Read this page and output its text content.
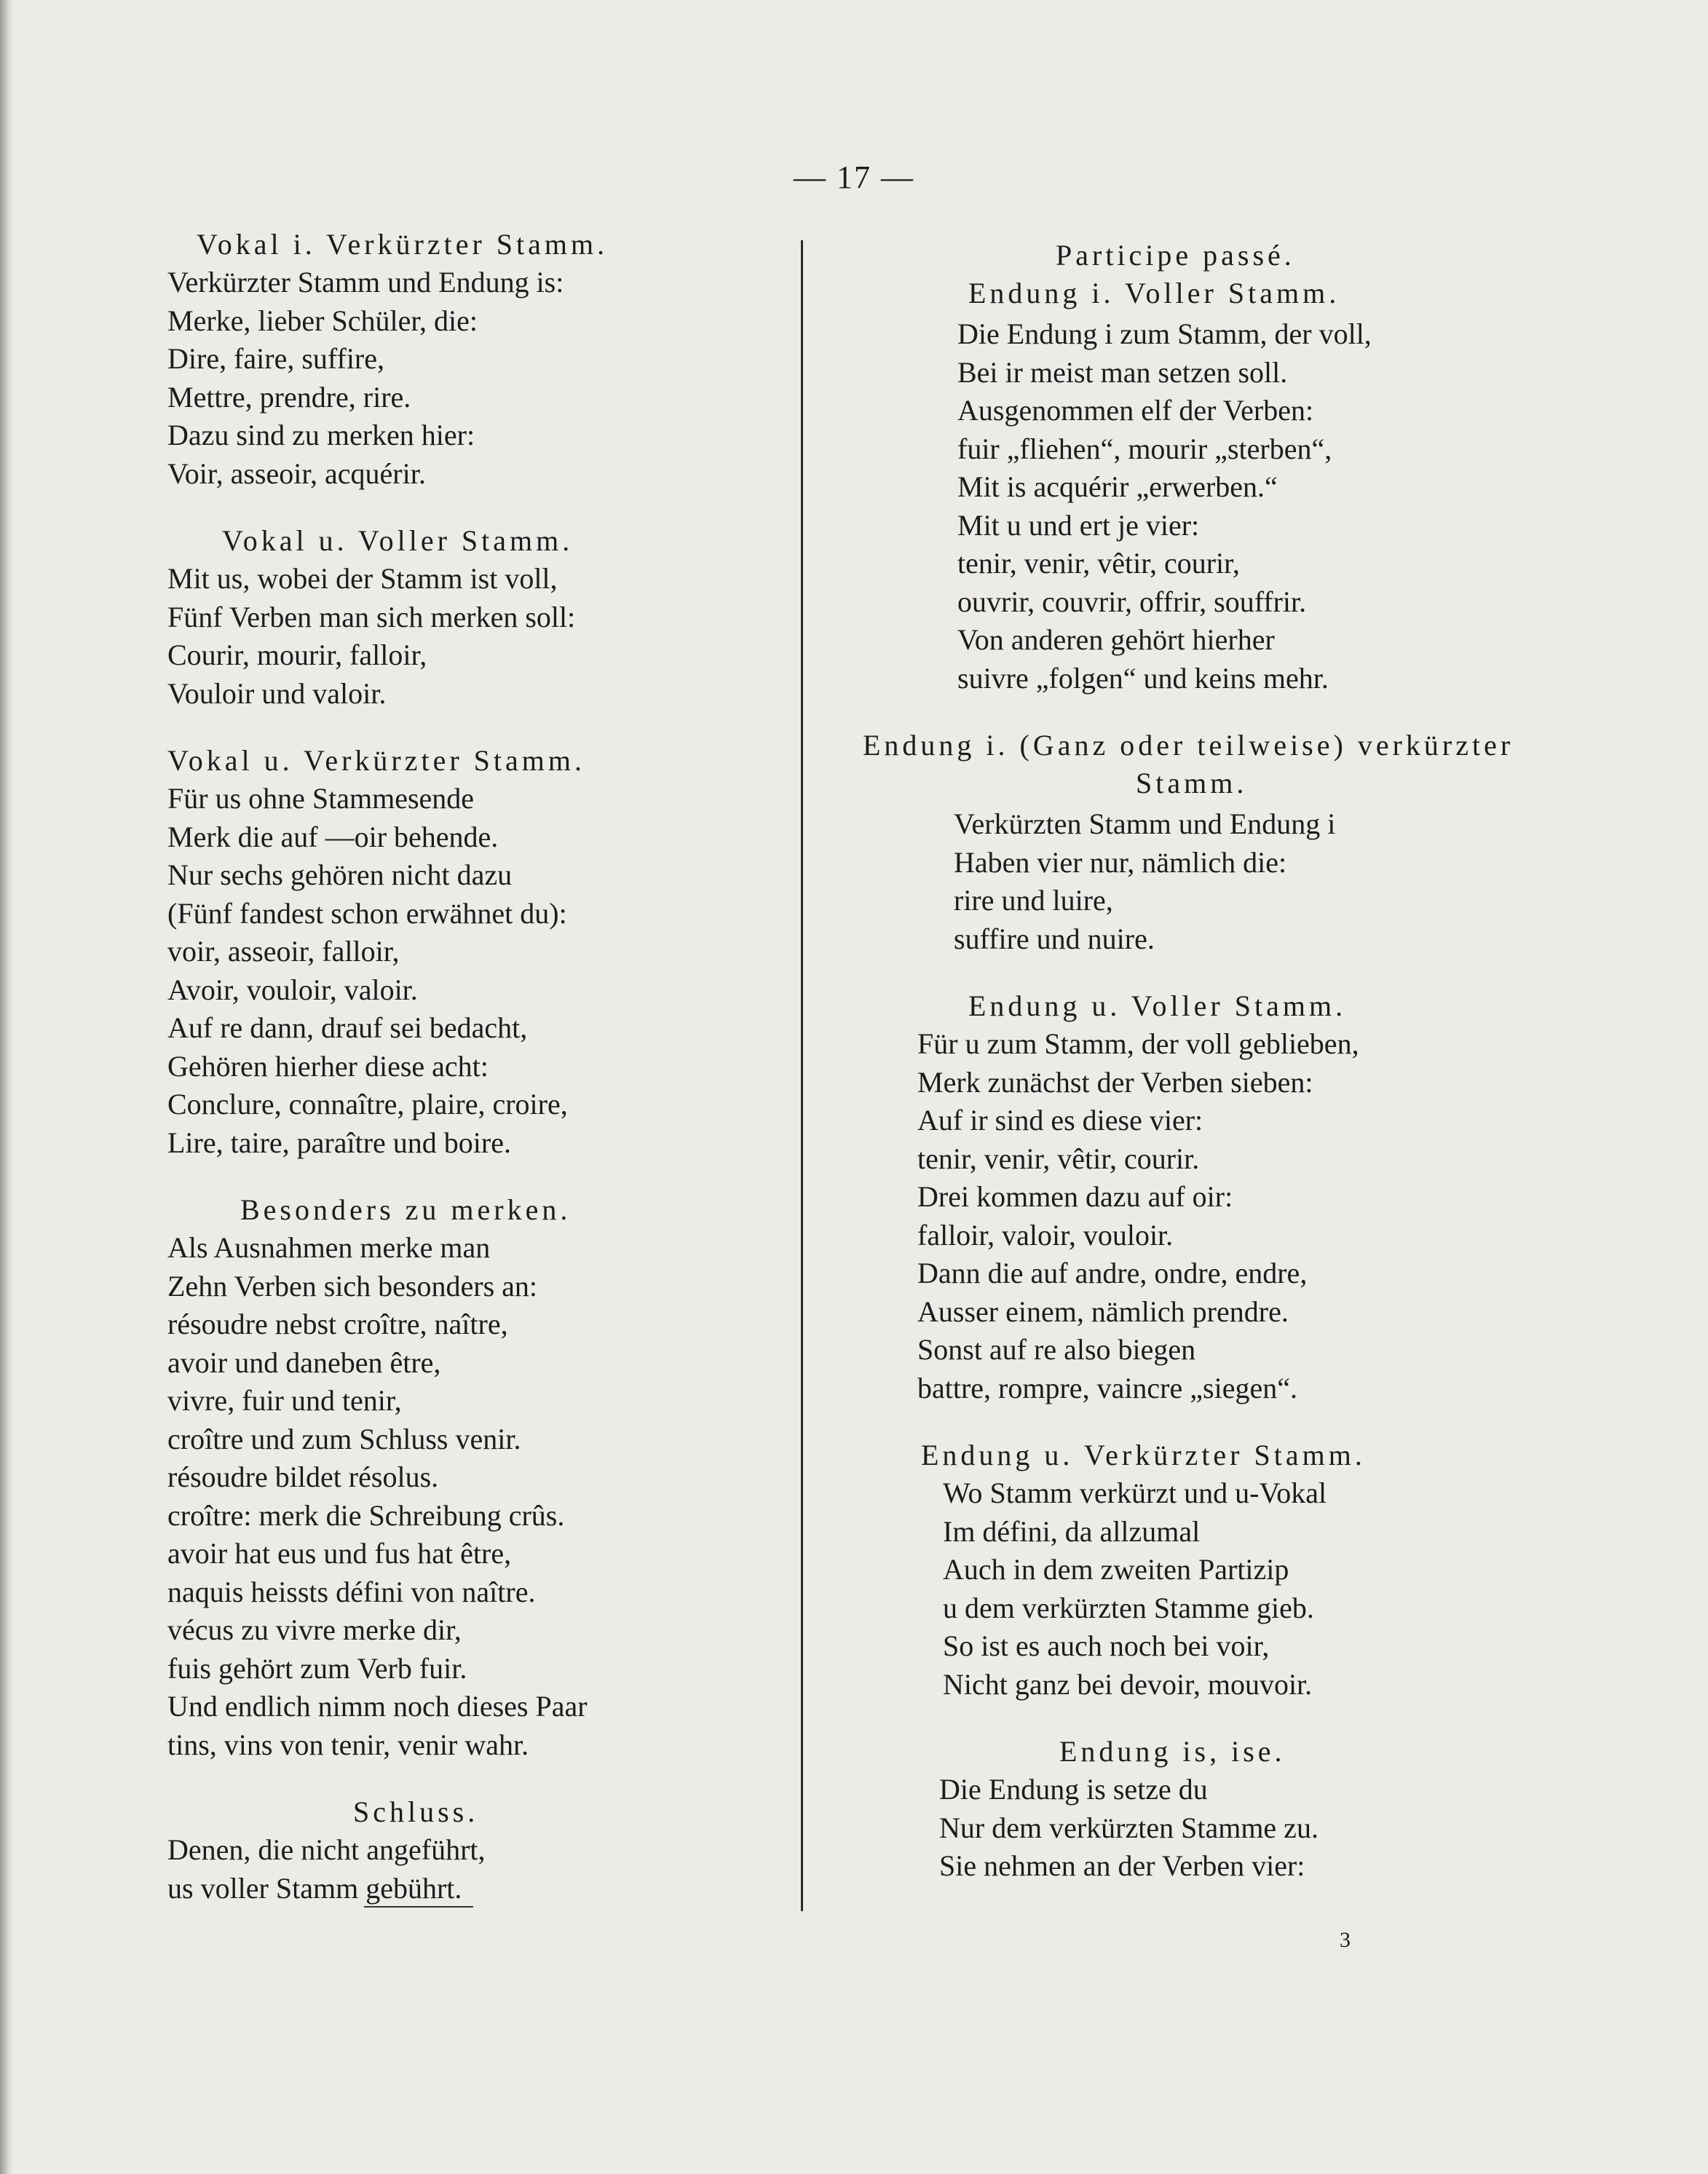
— 17 —
Vokal i. Verkürzter Stamm.
Verkürzter Stamm und Endung is:
Merke, lieber Schüler, die:
Dire, faire, suffire,
Mettre, prendre, rire.
Dazu sind zu merken hier:
Voir, asseoir, acquérir.
Vokal u. Voller Stamm.
Mit us, wobei der Stamm ist voll,
Fünf Verben man sich merken soll:
Courir, mourir, falloir,
Vouloir und valoir.
Vokal u. Verkürzter Stamm.
Für us ohne Stammesende
Merk die auf —oir behende.
Nur sechs gehören nicht dazu
(Fünf fandest schon erwähnet du):
voir, asseoir, falloir,
Avoir, vouloir, valoir.
Auf re dann, drauf sei bedacht,
Gehören hierher diese acht:
Conclure, connaître, plaire, croire,
Lire, taire, paraître und boire.
Besonders zu merken.
Als Ausnahmen merke man
Zehn Verben sich besonders an:
résoudre nebst croître, naître,
avoir und daneben être,
vivre, fuir und tenir,
croître und zum Schluss venir.
résoudre bildet résolus.
croître: merk die Schreibung crûs.
avoir hat eus und fus hat être,
naquis heissts défini von naître.
vécus zu vivre merke dir,
fuis gehört zum Verb fuir.
Und endlich nimm noch dieses Paar
tins, vins von tenir, venir wahr.
Schluss.
Denen, die nicht angeführt,
us voller Stamm gebührt.
Participe passé.
Endung i. Voller Stamm.
Die Endung i zum Stamm, der voll,
Bei ir meist man setzen soll.
Ausgenommen elf der Verben:
fuir „fliehen“, mourir „sterben“,
Mit is acquérir „erwerben.“
Mit u und ert je vier:
tenir, venir, vêtir, courir,
ouvrir, couvrir, offrir, souffrir.
Von anderen gehört hierher
suivre „folgen“ und keins mehr.
Endung i. (Ganz oder teilweise) verkürzter
Stamm.
Verkürzten Stamm und Endung i
Haben vier nur, nämlich die:
rire und luire,
suffire und nuire.
Endung u. Voller Stamm.
Für u zum Stamm, der voll geblieben,
Merk zunächst der Verben sieben:
Auf ir sind es diese vier:
tenir, venir, vêtir, courir.
Drei kommen dazu auf oir:
falloir, valoir, vouloir.
Dann die auf andre, ondre, endre,
Ausser einem, nämlich prendre.
Sonst auf re also biegen
battre, rompre, vaincre „siegen“.
Endung u. Verkürzter Stamm.
Wo Stamm verkürzt und u-Vokal
Im défini, da allzumal
Auch in dem zweiten Partizip
u dem verkürzten Stamme gieb.
So ist es auch noch bei voir,
Nicht ganz bei devoir, mouvoir.
Endung is, ise.
Die Endung is setze du
Nur dem verkürzten Stamme zu.
Sie nehmen an der Verben vier:
3
